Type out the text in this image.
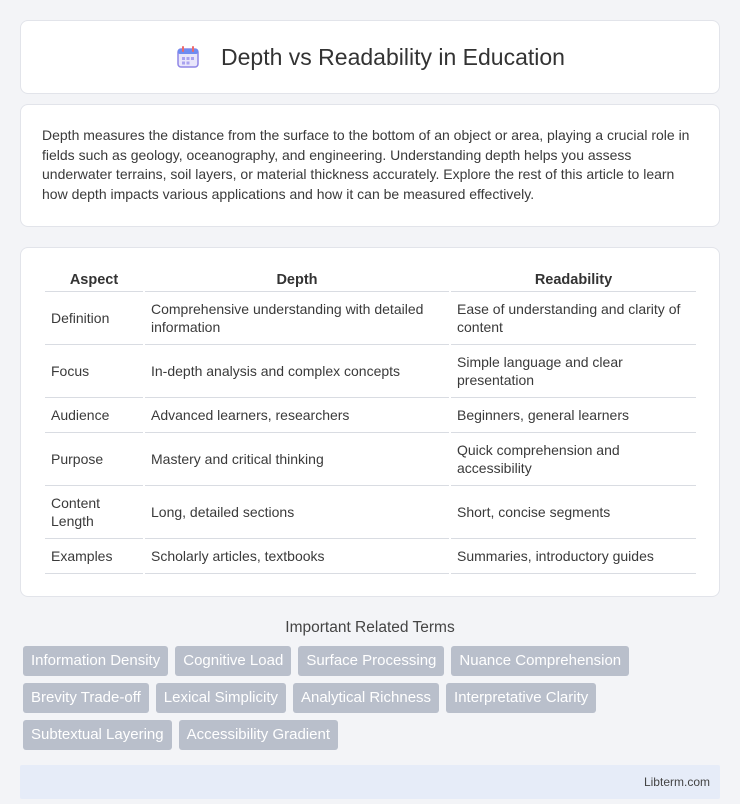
Depth vs Readability in Education

Depth measures the distance from the surface to the bottom of an object or area, playing a crucial role in fields such as geology, oceanography, and engineering. Understanding depth helps you assess underwater terrains, soil layers, or material thickness accurately. Explore the rest of this article to learn how depth impacts various applications and how it can be measured effectively.

Aspect	Depth	Readability
Definition	Comprehensive understanding with detailed information	Ease of understanding and clarity of content
Focus	In-depth analysis and complex concepts	Simple language and clear presentation
Audience	Advanced learners, researchers	Beginners, general learners
Purpose	Mastery and critical thinking	Quick comprehension and accessibility
Content Length	Long, detailed sections	Short, concise segments
Examples	Scholarly articles, textbooks	Summaries, introductory guides
Important Related Terms
Information Density	Cognitive Load	Surface Processing	Nuance Comprehension
Brevity Trade-off	Lexical Simplicity	Analytical Richness	Interpretative Clarity
Subtextual Layering	Accessibility Gradient
Libterm.com
